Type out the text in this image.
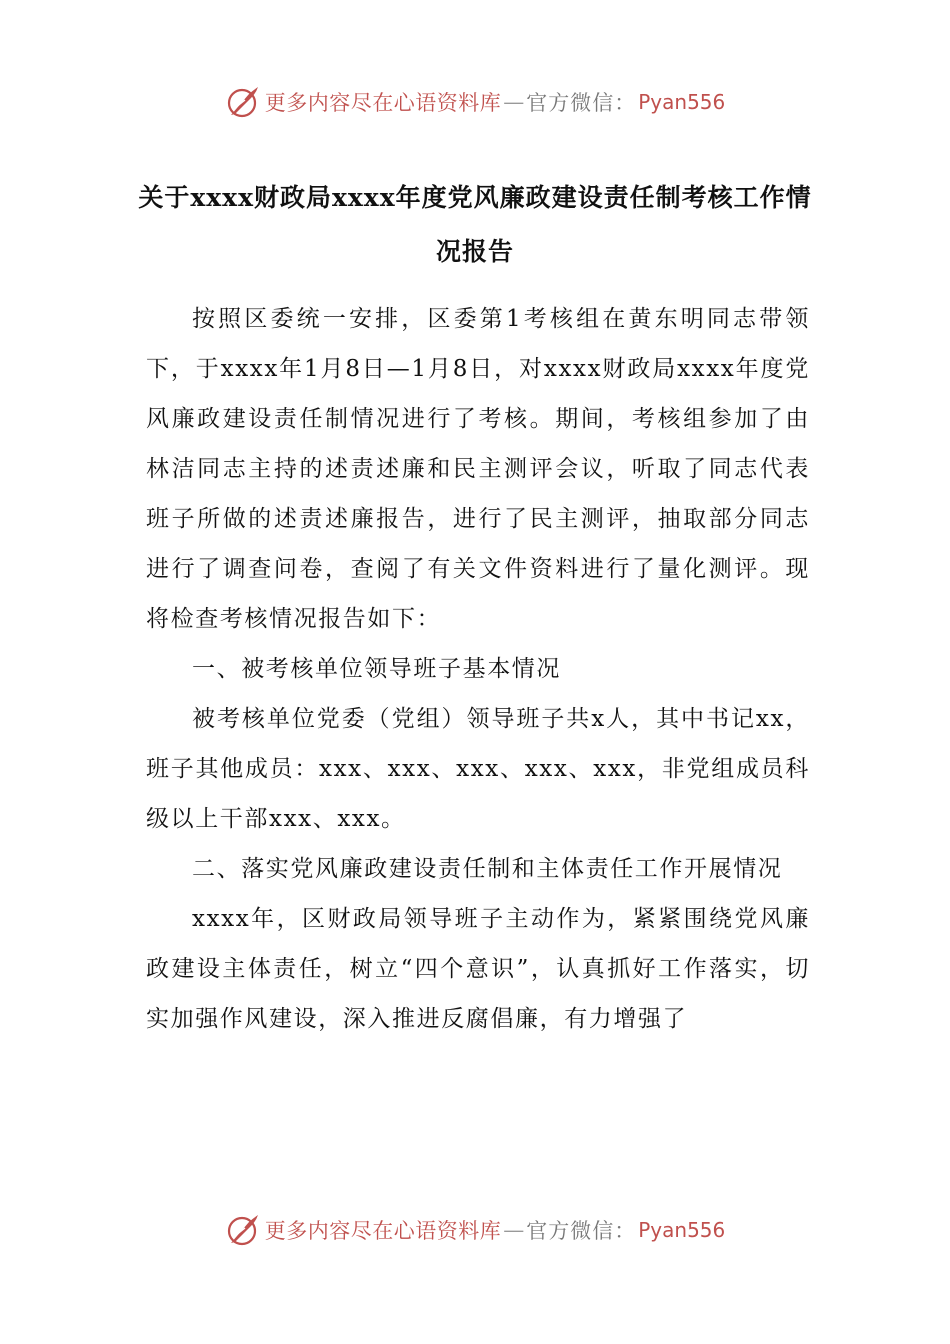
更多内容尽在心语资料库 — 官方微信： Pyan556
关于xxxx财政局xxxx年度党风廉政建设责任制考核工作情况报告

按照区委统一安排，区委第1考核组在黄东明同志带领下，于xxxx年1月8日—1月8日，对xxxx财政局xxxx年度党风廉政建设责任制情况进行了考核。期间，考核组参加了由林洁同志主持的述责述廉和民主测评会议，听取了同志代表班子所做的述责述廉报告，进行了民主测评，抽取部分同志进行了调查问卷，查阅了有关文件资料进行了量化测评。现将检查考核情况报告如下：

一、被考核单位领导班子基本情况

被考核单位党委（党组）领导班子共x人，其中书记xx，班子其他成员：xxx、xxx、xxx、xxx、xxx，非党组成员科级以上干部xxx、xxx。

二、落实党风廉政建设责任制和主体责任工作开展情况

xxxx年，区财政局领导班子主动作为，紧紧围绕党风廉政建设主体责任，树立“四个意识”，认真抓好工作落实，切实加强作风建设，深入推进反腐倡廉，有力增强了

更多内容尽在心语资料库 — 官方微信： Pyan556
